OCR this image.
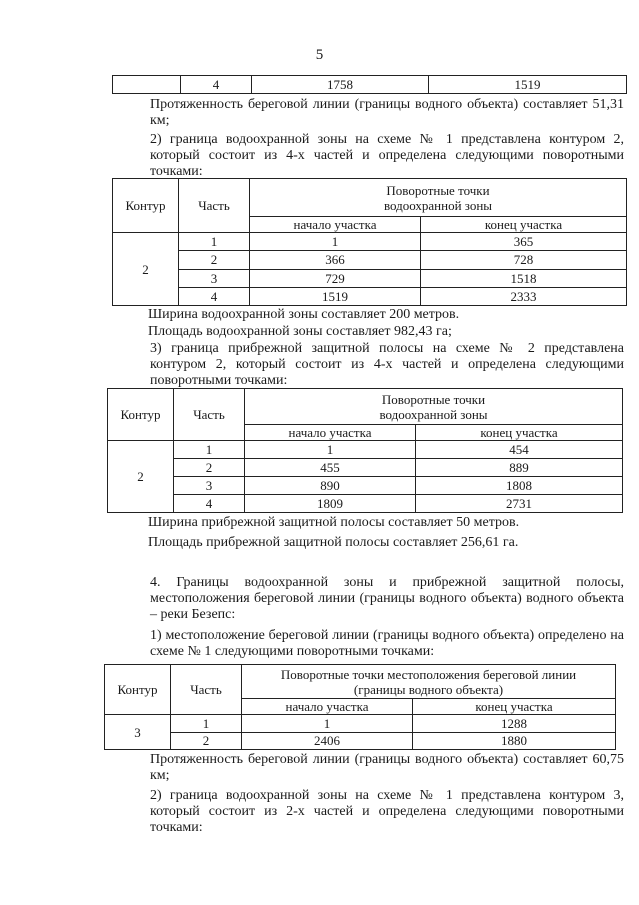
5
	4	1758	1519
Протяженность береговой линии (границы водного объекта) составляет 51,31 км;
2) граница водоохранной зоны на схеме № 1 представлена контуром 2, который состоит из 4-х частей и определена следующими поворотными точками:
Контур	Часть	Поворотные точки
водоохранной зоны	

		начало участка	конец участка
2	1	1	365
	2	366	728
	3	729	1518
	4	1519	2333
Ширина водоохранной зоны составляет 200 метров.
Площадь водоохранной зоны составляет 982,43 га;
3) граница прибрежной защитной полосы на схеме № 2 представлена контуром 2, который состоит из 4-х частей и определена следующими поворотными точками:
Контур	Часть	Поворотные точки
водоохранной зоны	

		начало участка	конец участка
2	1	1	454
	2	455	889
	3	890	1808
	4	1809	2731
Ширина прибрежной защитной полосы составляет 50 метров.
Площадь прибрежной защитной полосы составляет 256,61 га.
4. Границы водоохранной зоны и прибрежной защитной полосы, местоположения береговой линии (границы водного объекта) водного объекта – реки Безепс:
1) местоположение береговой линии (границы водного объекта) определено на схеме № 1 следующими поворотными точками:
Контур	Часть	Поворотные точки местоположения береговой линии
(границы водного объекта)	

		начало участка	конец участка
3	1	1	1288
	2	2406	1880
Протяженность береговой линии (границы водного объекта) составляет 60,75 км;
2) граница водоохранной зоны на схеме № 1 представлена контуром 3, который состоит из 2-х частей и определена следующими поворотными точками:
